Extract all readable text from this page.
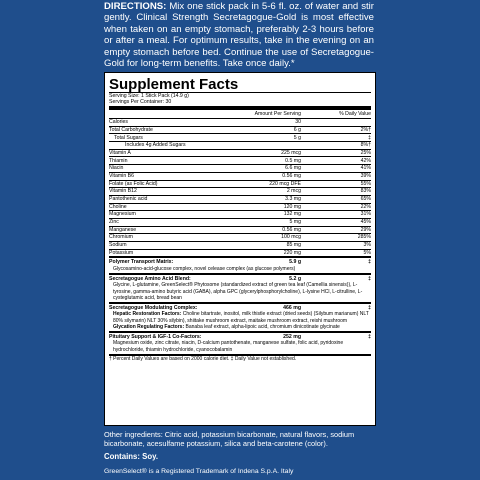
DIRECTIONS: Mix one stick pack in 5-6 fl. oz. of water and stir gently. Clinical Strength Secretagogue-Gold is most effective when taken on an empty stomach, preferably 2-3 hours before or after a meal. For optimum results, take in the evening on an empty stomach before bed. Continue the use of Secretagogue-Gold for long-term benefits. Take once daily.*
Supplement Facts
Serving Size: 1 Stick Pack (14.9 g)
Servings Per Container: 30
Amount Per Serving	% Daily Value
Calories	30
Total Carbohydrate	6 g	2%†
Total Sugars	5 g	‡
Includes 4g Added Sugars	8%†
Vitamin A	225 mcg	25%
Thiamin	0.5 mg	42%
Niacin	6.6 mg	41%
Vitamin B6	0.56 mg	39%
Folate (as Folic Acid)	220 mcg DFE	55%
Vitamin B12	2 mcg	83%
Pantothenic acid	3.3 mg	65%
Choline	120 mg	22%
Magnesium	132 mg	31%
Zinc	5 mg	45%
Manganese	0.56 mg	29%
Chromium	100 mcg	285%
Sodium	85 mg	3%
Potassium	220 mg	5%
Polymer Transport Matrix:	5.9 g	‡
Glycosamino-acid-glucose complex, novel celease complex (as glucose polymers)
Secretagogue Amino Acid Blend:	5.2 g	‡
Glycine, L-glutamine, GreenSelect® Phytosome (standardized extract of green tea leaf (Camellia sinensis)), L-tyrosine, gamma-amino butyric acid (GABA), alpha GPC (glycerylphosphorylcholine), L-lysine HCl, L-citrulline, L-cysteglutamic acid, bread bean
Secretagogue Modulating Complex:	466 mg	‡
Hepatic Restoration Factors: Choline bitartrate, inositol, milk thistle extract (dried seeds) (Silybum marianum) NLT 80% silymarin) NLT 30% silybin), shiitake mushroom extract, maitake mushroom extract, reishi mushroom
Glycation Regulating Factors: Banaba leaf extract, alpha-lipoic acid, chromium dinicotinate glycinate
Pituitary Support & IGF-1 Co-Factors:	252 mg	‡
Magnesium oxide, zinc citrate, niacin, D-calcium pantothenate, manganese sulfate, folic acid, pyridoxine hydrochloride, thiamin hydrochloride, cyanocobalamin
† Percent Daily Values are based on 2000 calorie diet. ‡ Daily Value not established.
Other ingredients: Citric acid, potassium bicarbonate, natural flavors, sodium bicarbonate, acesulfame potassium, silica and beta-carotene (color).
Contains: Soy.
GreenSelect® is a Registered Trademark of Indena S.p.A. Italy
